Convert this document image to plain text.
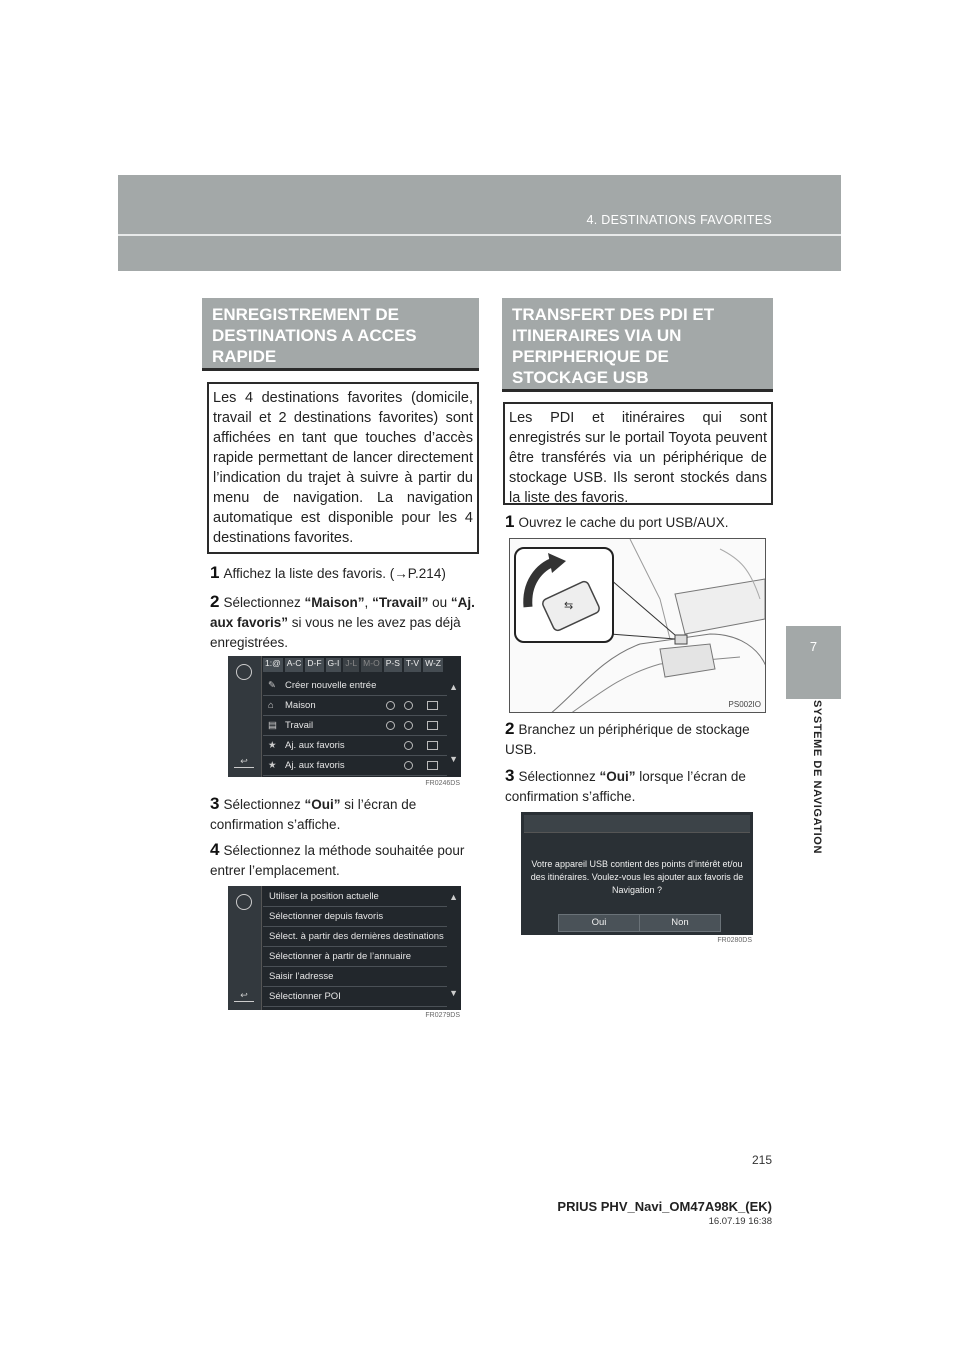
4. DESTINATIONS FAVORITES
7
SYSTEME DE NAVIGATION
ENREGISTREMENT DE
DESTINATIONS A ACCES
RAPIDE
Les 4 destinations favorites (domicile, travail et 2 destinations favorites) sont affichées en tant que touches d’accès rapide permettant de lancer directement l’indication du trajet à suivre à partir du menu de navigation. La navigation automatique est disponible pour les 4 destinations favorites.
1 Affichez la liste des favoris. (→P.214)
2 Sélectionnez “Maison”, “Travail” ou “Aj. aux favoris” si vous ne les avez pas déjà enregistrées.
↩
1:@ A-C D-F G-I J-L M-O P-S T-V W-Z
✎ Créer nouvelle entrée
⌂ Maison
▤ Travail
★ Aj. aux favoris
★ Aj. aux favoris
▲
▼
FR0246DS
3 Sélectionnez “Oui” si l’écran de confirmation s’affiche.
4 Sélectionnez la méthode souhaitée pour entrer l’emplacement.
↩
Utiliser la position actuelle
Sélectionner depuis favoris
Sélect. à partir des dernières destinations
Sélectionner à partir de l’annuaire
Saisir l’adresse
Sélectionner POI
▲
▼
FR0279DS
TRANSFERT DES PDI ET
ITINERAIRES VIA UN
PERIPHERIQUE DE
STOCKAGE USB
Les PDI et itinéraires qui sont enregistrés sur le portail Toyota peuvent être transférés via un périphérique de stockage USB. Ils seront stockés dans la liste des favoris.
1 Ouvrez le cache du port USB/AUX.
⇆
PS002IO
2 Branchez un périphérique de stockage USB.
3 Sélectionnez “Oui” lorsque l’écran de confirmation s’affiche.
Votre appareil USB contient des points d’intérêt et/ou des itinéraires. Voulez-vous les ajouter aux favoris de Navigation ?
Oui	Non
FR0280DS
215
PRIUS PHV_Navi_OM47A98K_(EK)
16.07.19 16:38
